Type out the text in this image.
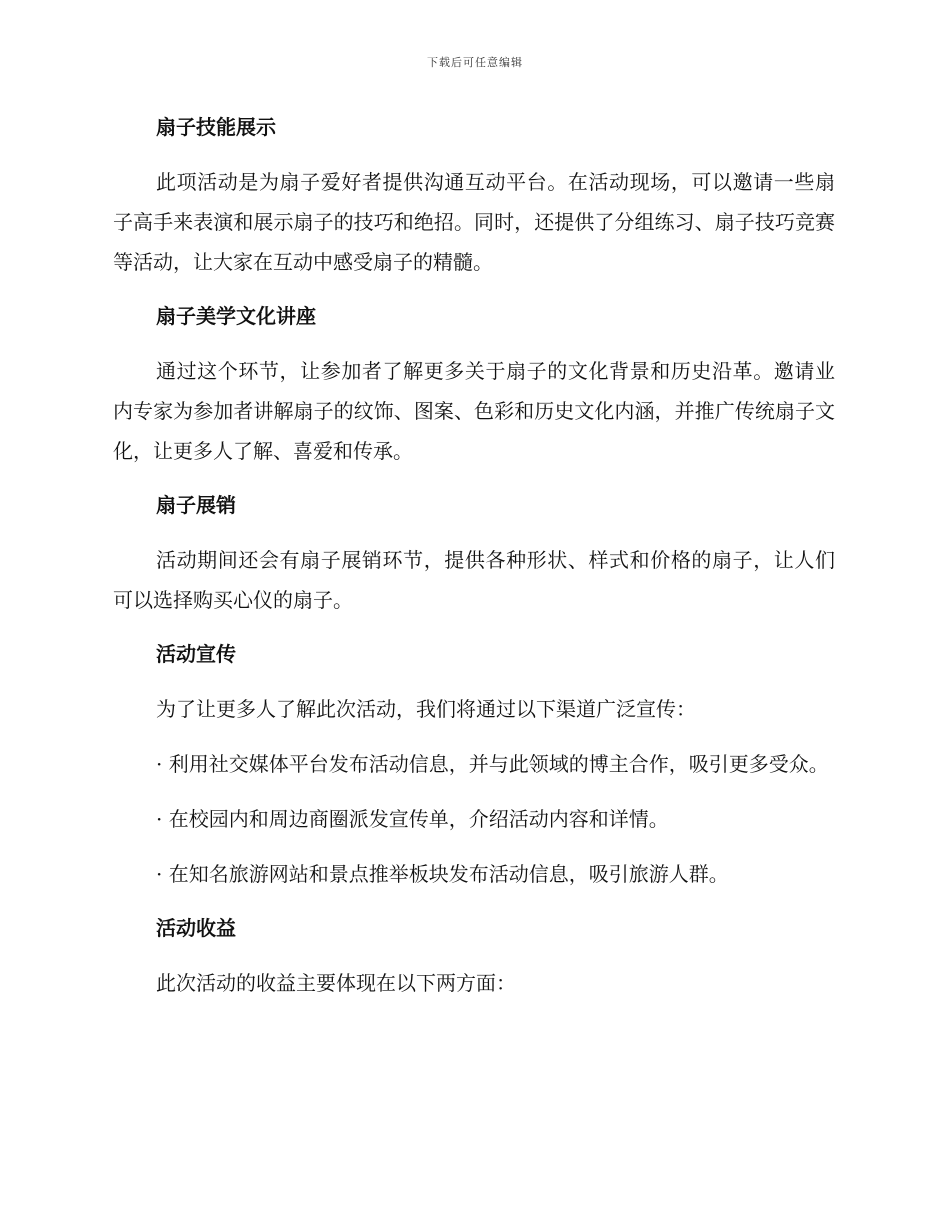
下载后可任意编辑
扇子技能展示

此项活动是为扇子爱好者提供沟通互动平台。在活动现场，可以邀请一些扇子高手来表演和展示扇子的技巧和绝招。同时，还提供了分组练习、扇子技巧竞赛等活动，让大家在互动中感受扇子的精髓。

扇子美学文化讲座

通过这个环节，让参加者了解更多关于扇子的文化背景和历史沿革。邀请业内专家为参加者讲解扇子的纹饰、图案、色彩和历史文化内涵，并推广传统扇子文化，让更多人了解、喜爱和传承。

扇子展销

活动期间还会有扇子展销环节，提供各种形状、样式和价格的扇子，让人们可以选择购买心仪的扇子。

活动宣传

为了让更多人了解此次活动，我们将通过以下渠道广泛宣传：

· 利用社交媒体平台发布活动信息，并与此领域的博主合作，吸引更多受众。

· 在校园内和周边商圈派发宣传单，介绍活动内容和详情。

· 在知名旅游网站和景点推举板块发布活动信息，吸引旅游人群。

活动收益

此次活动的收益主要体现在以下两方面：
